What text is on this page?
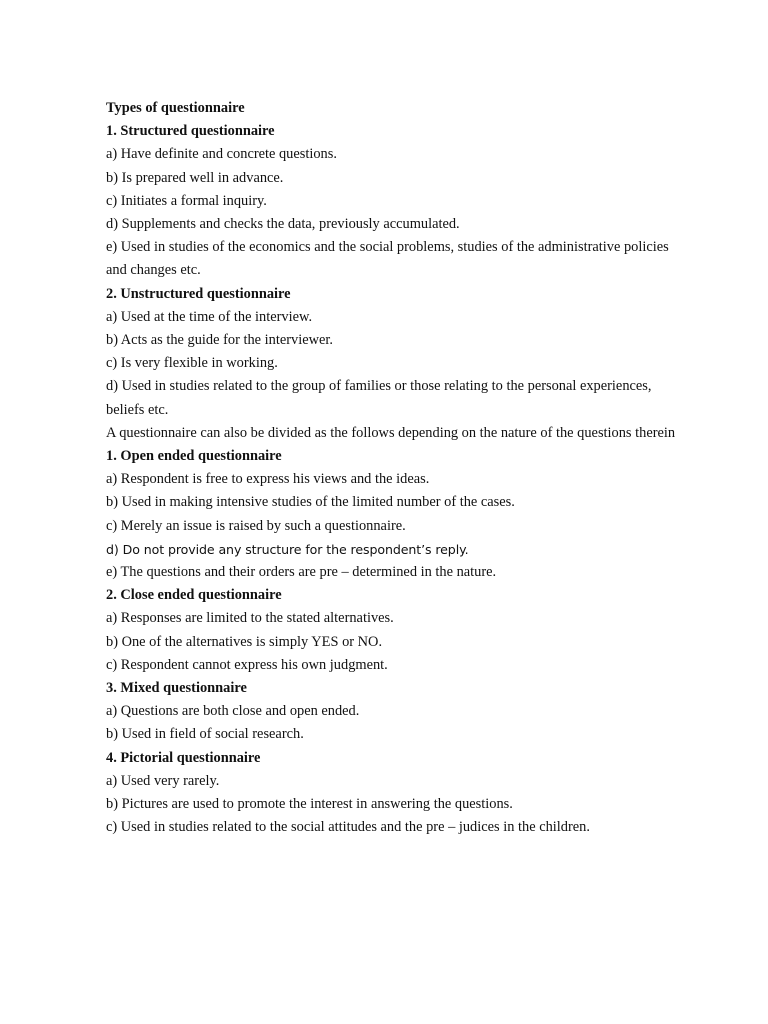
Types of questionnaire
1. Structured questionnaire
a) Have definite and concrete questions.
b) Is prepared well in advance.
c) Initiates a formal inquiry.
d) Supplements and checks the data, previously accumulated.
e) Used in studies of the economics and the social problems, studies of the administrative policies and changes etc.
2. Unstructured questionnaire
a) Used at the time of the interview.
b) Acts as the guide for the interviewer.
c) Is very flexible in working.
d) Used in studies related to the group of families or those relating to the personal experiences, beliefs etc.
A questionnaire can also be divided as the follows depending on the nature of the questions therein
1. Open ended questionnaire
a) Respondent is free to express his views and the ideas.
b) Used in making intensive studies of the limited number of the cases.
c) Merely an issue is raised by such a questionnaire.
d) Do not provide any structure for the respondent’s reply.
e) The questions and their orders are pre – determined in the nature.
2. Close ended questionnaire
a) Responses are limited to the stated alternatives.
b) One of the alternatives is simply YES or NO.
c) Respondent cannot express his own judgment.
3. Mixed questionnaire
a) Questions are both close and open ended.
b) Used in field of social research.
4. Pictorial questionnaire
a) Used very rarely.
b) Pictures are used to promote the interest in answering the questions.
c) Used in studies related to the social attitudes and the pre – judices in the children.
